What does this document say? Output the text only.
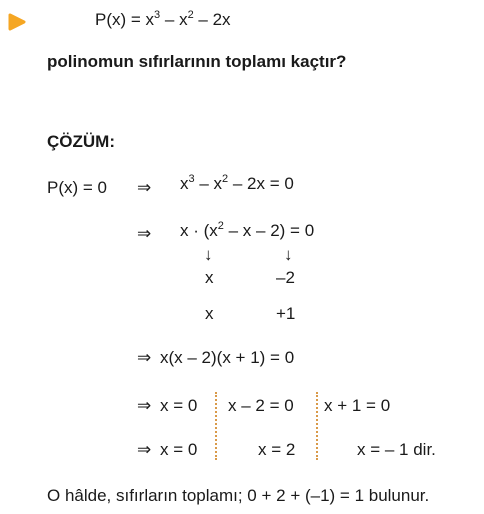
$P(x) = x^3 - x^2 - 2x$
polinomun sıfırlarının toplamı kaçtır?
ÇÖZÜM:
P(x) = 0 ⇒ $x^3 - x^2 - 2x = 0$
⇒ $x \cdot (x^2 - x - 2) = 0$
↓	↓
x	–2
x	+1
⇒ x(x – 2)(x + 1) = 0
⇒ x = 0 x – 2 = 0 x + 1 = 0
⇒ x = 0	x = 2	x = – 1 dir.
O hâlde, sıfırların toplamı; 0 + 2 + (–1) = 1 bulunur.
